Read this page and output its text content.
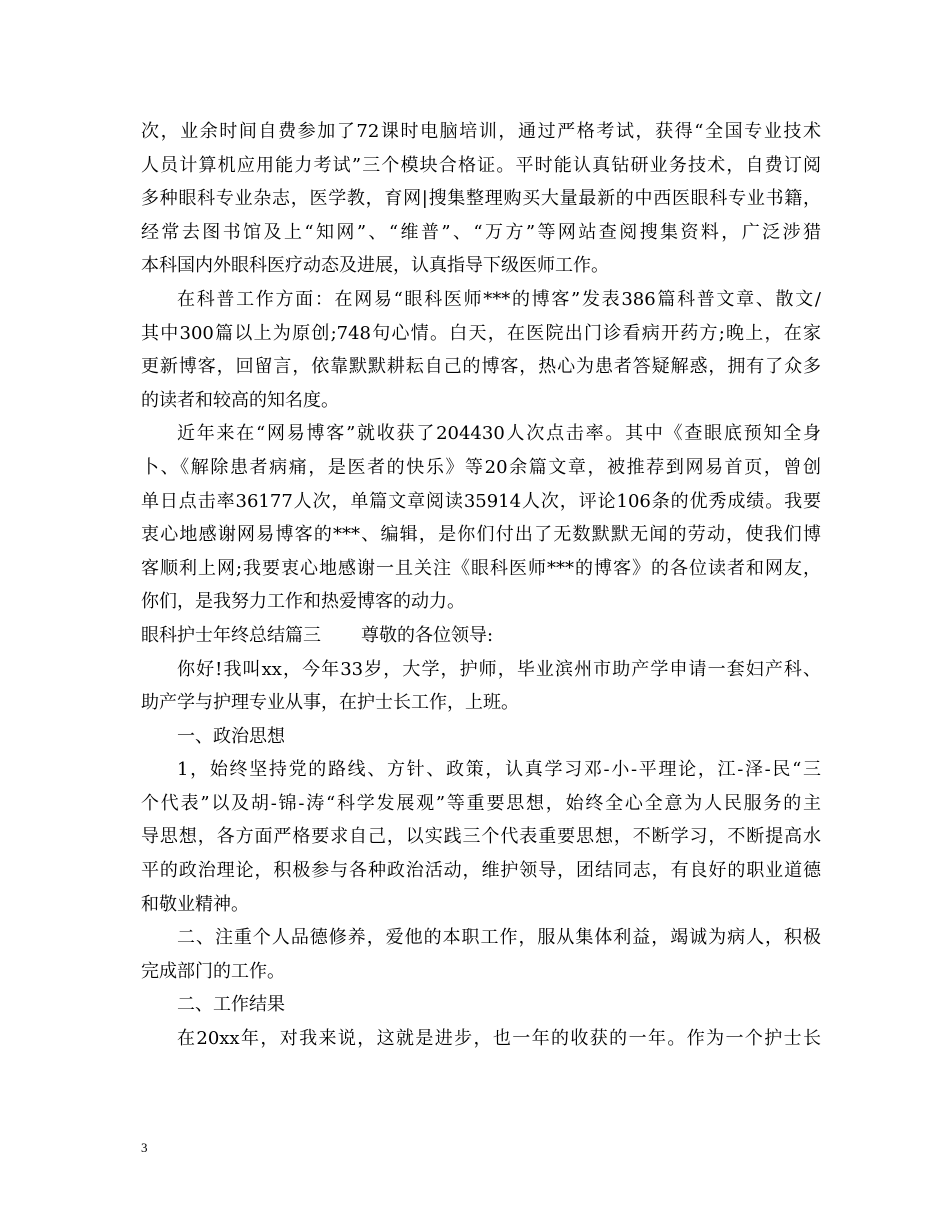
次，业余时间自费参加了72课时电脑培训，通过严格考试，获得“全国专业技术
人员计算机应用能力考试”三个模块合格证。平时能认真钻研业务技术，自费订阅
多种眼科专业杂志，医学教，育网|搜集整理购买大量最新的中西医眼科专业书籍，
经常去图书馆及上“知网”、“维普”、“万方”等网站查阅搜集资料，广泛涉猎
本科国内外眼科医疗动态及进展，认真指导下级医师工作。
在科普工作方面：在网易“眼科医师***的博客”发表386篇科普文章、散文/
其中300篇以上为原创;748句心情。白天，在医院出门诊看病开药方;晚上，在家
更新博客，回留言，依靠默默耕耘自己的博客，热心为患者答疑解惑，拥有了众多
的读者和较高的知名度。
近年来在“网易博客”就收获了204430人次点击率。其中《查眼底预知全身
卜、《解除患者病痛，是医者的快乐》等20余篇文章，被推荐到网易首页，曾创
单日点击率36177人次，单篇文章阅读35914人次，评论106条的优秀成绩。我要
衷心地感谢网易博客的***、编辑，是你们付出了无数默默无闻的劳动，使我们博
客顺利上网;我要衷心地感谢一且关注《眼科医师***的博客》的各位读者和网友，
你们，是我努力工作和热爱博客的动力。
眼科护士年终总结篇三 尊敬的各位领导:
你好!我叫xx，今年33岁，大学，护师，毕业滨州市助产学申请一套妇产科、
助产学与护理专业从事，在护士长工作，上班。
一、政治思想
1，始终坚持党的路线、方针、政策，认真学习邓-小-平理论，江-泽-民“三
个代表”以及胡-锦-涛“科学发展观”等重要思想，始终全心全意为人民服务的主
导思想，各方面严格要求自己，以实践三个代表重要思想，不断学习，不断提高水
平的政治理论，积极参与各种政治活动，维护领导，团结同志，有良好的职业道德
和敬业精神。
二、注重个人品德修养，爱他的本职工作，服从集体利益，竭诚为病人，积极
完成部门的工作。
二、工作结果
在20xx年，对我来说，这就是进步，也一年的收获的一年。作为一个护士长
3
